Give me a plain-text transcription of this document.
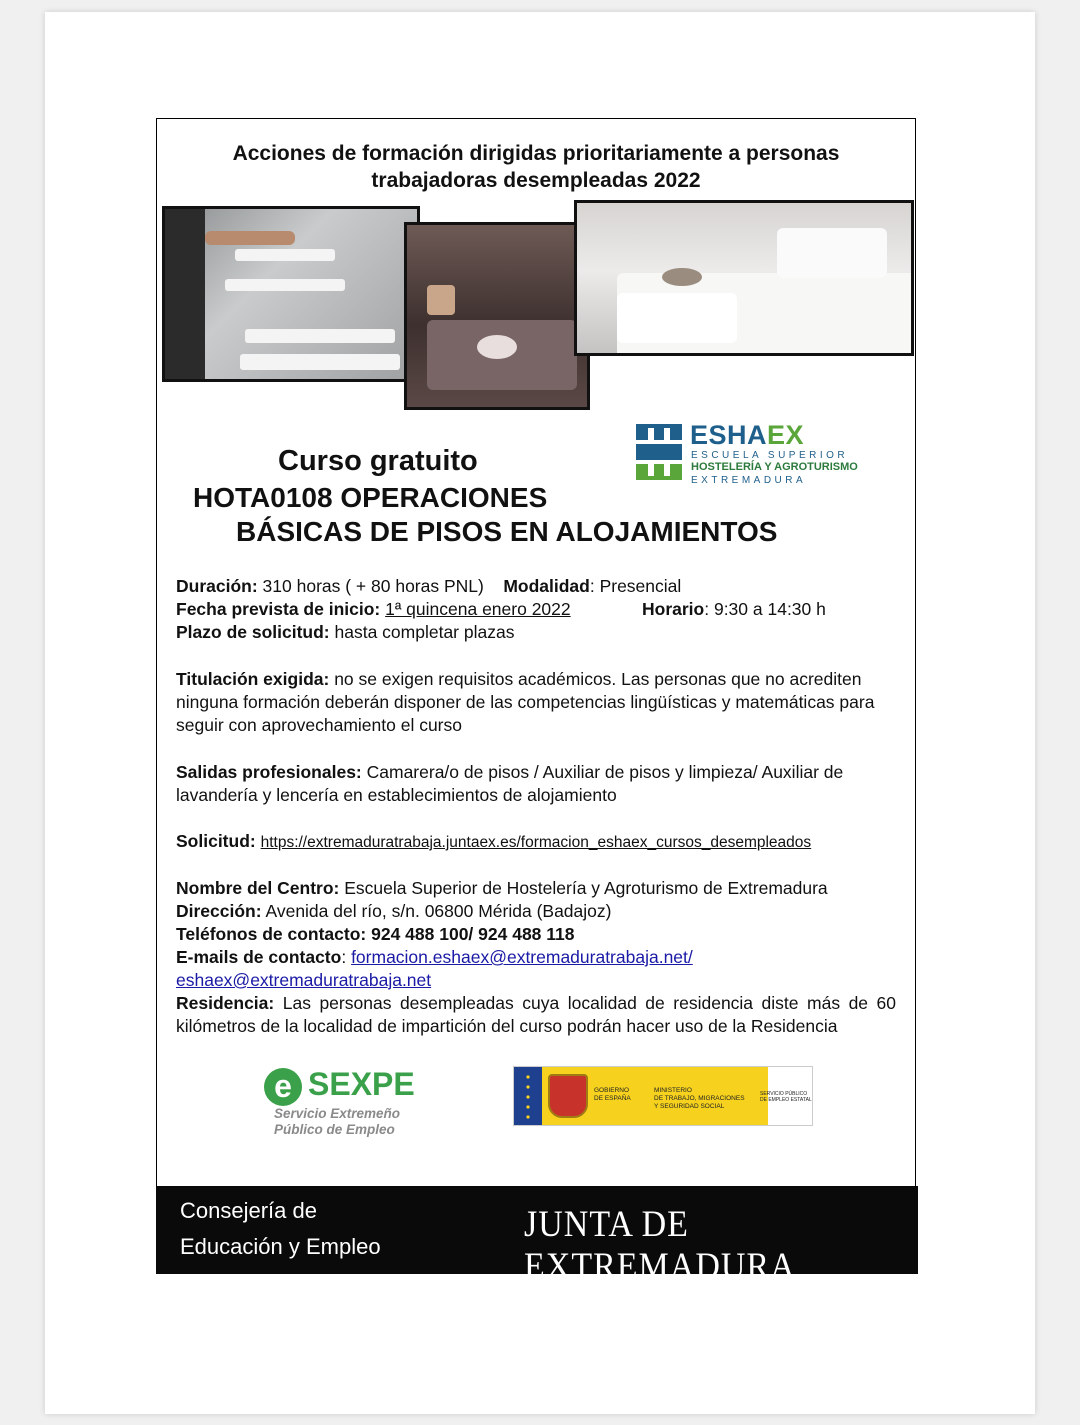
Acciones de formación dirigidas prioritariamente a personas
trabajadoras desempleadas 2022
ESHAEX
ESCUELA SUPERIOR
HOSTELERÍA Y AGROTURISMO
EXTREMADURA
Curso gratuito
HOTA0108 OPERACIONES
BÁSICAS DE PISOS EN ALOJAMIENTOS
Duración: 310 horas ( + 80 horas PNL) Modalidad: Presencial
Fecha prevista de inicio: 1ª quincena enero 2022	Horario: 9:30 a 14:30 h
Plazo de solicitud: hasta completar plazas
Titulación exigida: no se exigen requisitos académicos. Las personas que no acrediten ninguna formación deberán disponer de las competencias lingüísticas y matemáticas para seguir con aprovechamiento el curso
Salidas profesionales: Camarera/o de pisos / Auxiliar de pisos y limpieza/ Auxiliar de lavandería y lencería en establecimientos de alojamiento
Solicitud: https://extremaduratrabaja.juntaex.es/formacion_eshaex_cursos_desempleados
Nombre del Centro: Escuela Superior de Hostelería y Agroturismo de Extremadura
Dirección: Avenida del río, s/n. 06800 Mérida (Badajoz)
Teléfonos de contacto: 924 488 100/ 924 488 118
E-mails de contacto: formacion.eshaex@extremaduratrabaja.net/
eshaex@extremaduratrabaja.net
Residencia: Las personas desempleadas cuya localidad de residencia diste más de 60 kilómetros de la localidad de impartición del curso podrán hacer uso de la Residencia
e SEXPE
Servicio Extremeño
Público de Empleo
GOBIERNO
DE ESPAÑA
MINISTERIO
DE TRABAJO, MIGRACIONES
Y SEGURIDAD SOCIAL
SERVICIO PÚBLICO
DE EMPLEO ESTATAL
Consejería de
Educación y Empleo
JUNTA DE EXTREMADURA
